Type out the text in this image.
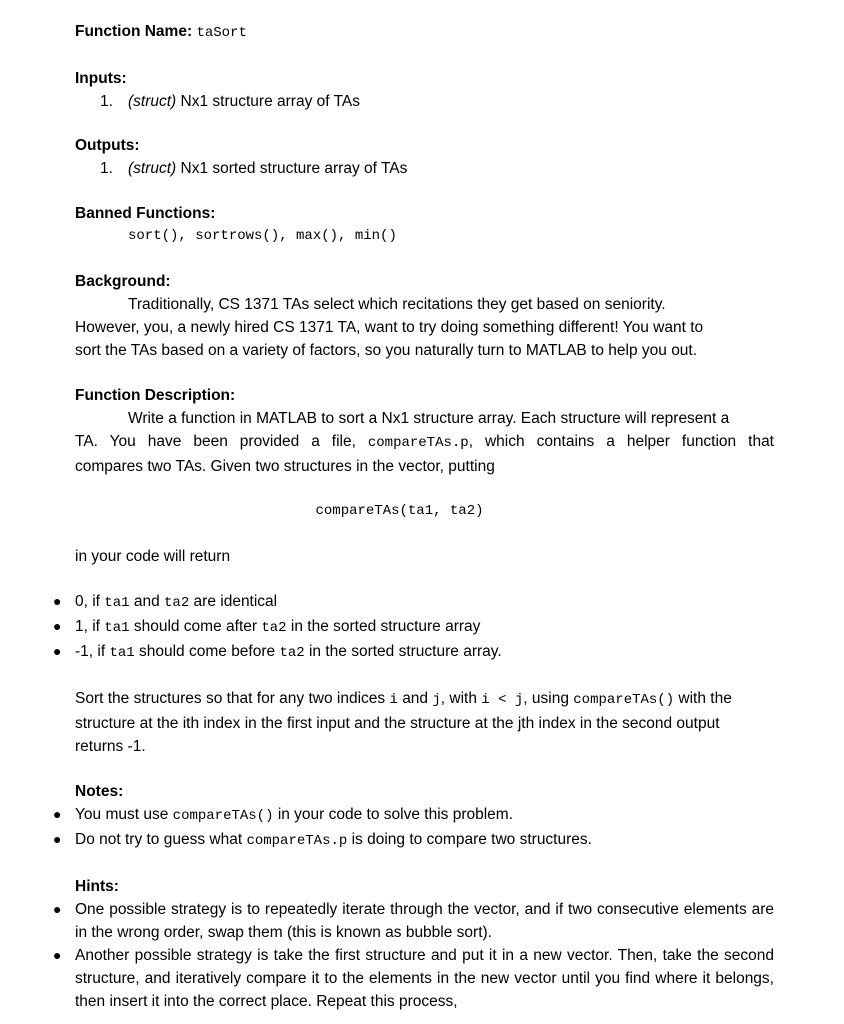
Function Name: taSort

Inputs:

1. (struct) Nx1 structure array of TAs

Outputs:

1. (struct) Nx1 sorted structure array of TAs

Banned Functions:

sort(), sortrows(), max(), min()

Background:

Traditionally, CS 1371 TAs select which recitations they get based on seniority.

However, you, a newly hired CS 1371 TA, want to try doing something different! You want to

sort the TAs based on a variety of factors, so you naturally turn to MATLAB to help you out.

Function Description:

Write a function in MATLAB to sort a Nx1 structure array. Each structure will represent a

TA. You have been provided a file, compareTAs.p, which contains a helper function that

compares two TAs. Given two structures in the vector, putting

compareTAs(ta1, ta2)

in your code will return

● 0, if ta1 and ta2 are identical
● 1, if ta1 should come after ta2 in the sorted structure array
● -1, if ta1 should come before ta2 in the sorted structure array.

Sort the structures so that for any two indices i and j, with i < j, using compareTAs() with the

structure at the ith index in the first input and the structure at the jth index in the second output

returns -1.

Notes:

● You must use compareTAs() in your code to solve this problem.
● Do not try to guess what compareTAs.p is doing to compare two structures.

Hints:

● One possible strategy is to repeatedly iterate through the vector, and if two consecutive elements are in the wrong order, swap them (this is known as bubble sort).
● Another possible strategy is take the first structure and put it in a new vector. Then, take the second structure, and iteratively compare it to the elements in the new vector until you find where it belongs, then insert it into the correct place. Repeat this process,
